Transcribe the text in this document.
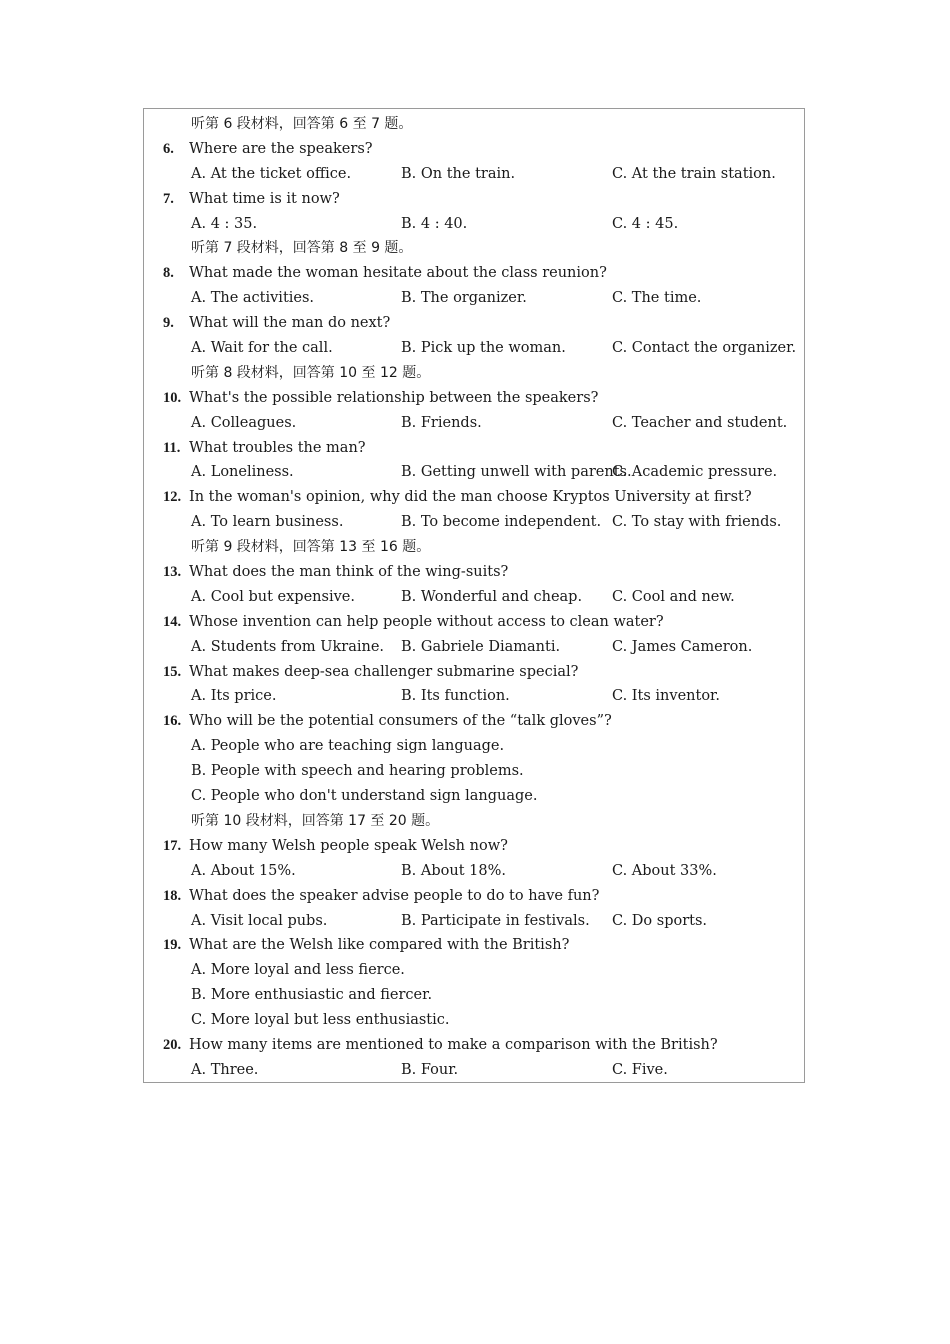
听第 6 段材料，回答第 6 至 7 题。
6. Where are the speakers?
A. At the ticket office.	B. On the train.	C. At the train station.
7. What time is it now?
A. 4 : 35.	B. 4 : 40.	C. 4 : 45.
听第 7 段材料，回答第 8 至 9 题。
8. What made the woman hesitate about the class reunion?
A. The activities.	B. The organizer.	C. The time.
9. What will the man do next?
A. Wait for the call.	B. Pick up the woman.	C. Contact the organizer.
听第 8 段材料，回答第 10 至 12 题。
10. What's the possible relationship between the speakers?
A. Colleagues.	B. Friends.	C. Teacher and student.
11. What troubles the man?
A. Loneliness.	B. Getting unwell with parents.
C. Academic pressure.
12. In the woman's opinion, why did the man choose Kryptos University at first?
A. To learn business.	B. To become independent. C. To stay with friends.
听第 9 段材料，回答第 13 至 16 题。
13. What does the man think of the wing-suits?
A. Cool but expensive.	B. Wonderful and cheap. C. Cool and new.
14. Whose invention can help people without access to clean water?
A. Students from Ukraine. B. Gabriele Diamanti.	C. James Cameron.
15. What makes deep-sea challenger submarine special?
A. Its price.	B. Its function.	C. Its inventor.
16. Who will be the potential consumers of the “talk gloves”?
A. People who are teaching sign language.
B. People with speech and hearing problems.
C. People who don't understand sign language.
听第 10 段材料，回答第 17 至 20 题。
17. How many Welsh people speak Welsh now?
A. About 15%.	B. About 18%.	C. About 33%.
18. What does the speaker advise people to do to have fun?
A. Visit local pubs.	B. Participate in festivals. C. Do sports.
19. What are the Welsh like compared with the British?
A. More loyal and less fierce.
B. More enthusiastic and fiercer.
C. More loyal but less enthusiastic.
20. How many items are mentioned to make a comparison with the British?
A. Three.	B. Four.	C. Five.
